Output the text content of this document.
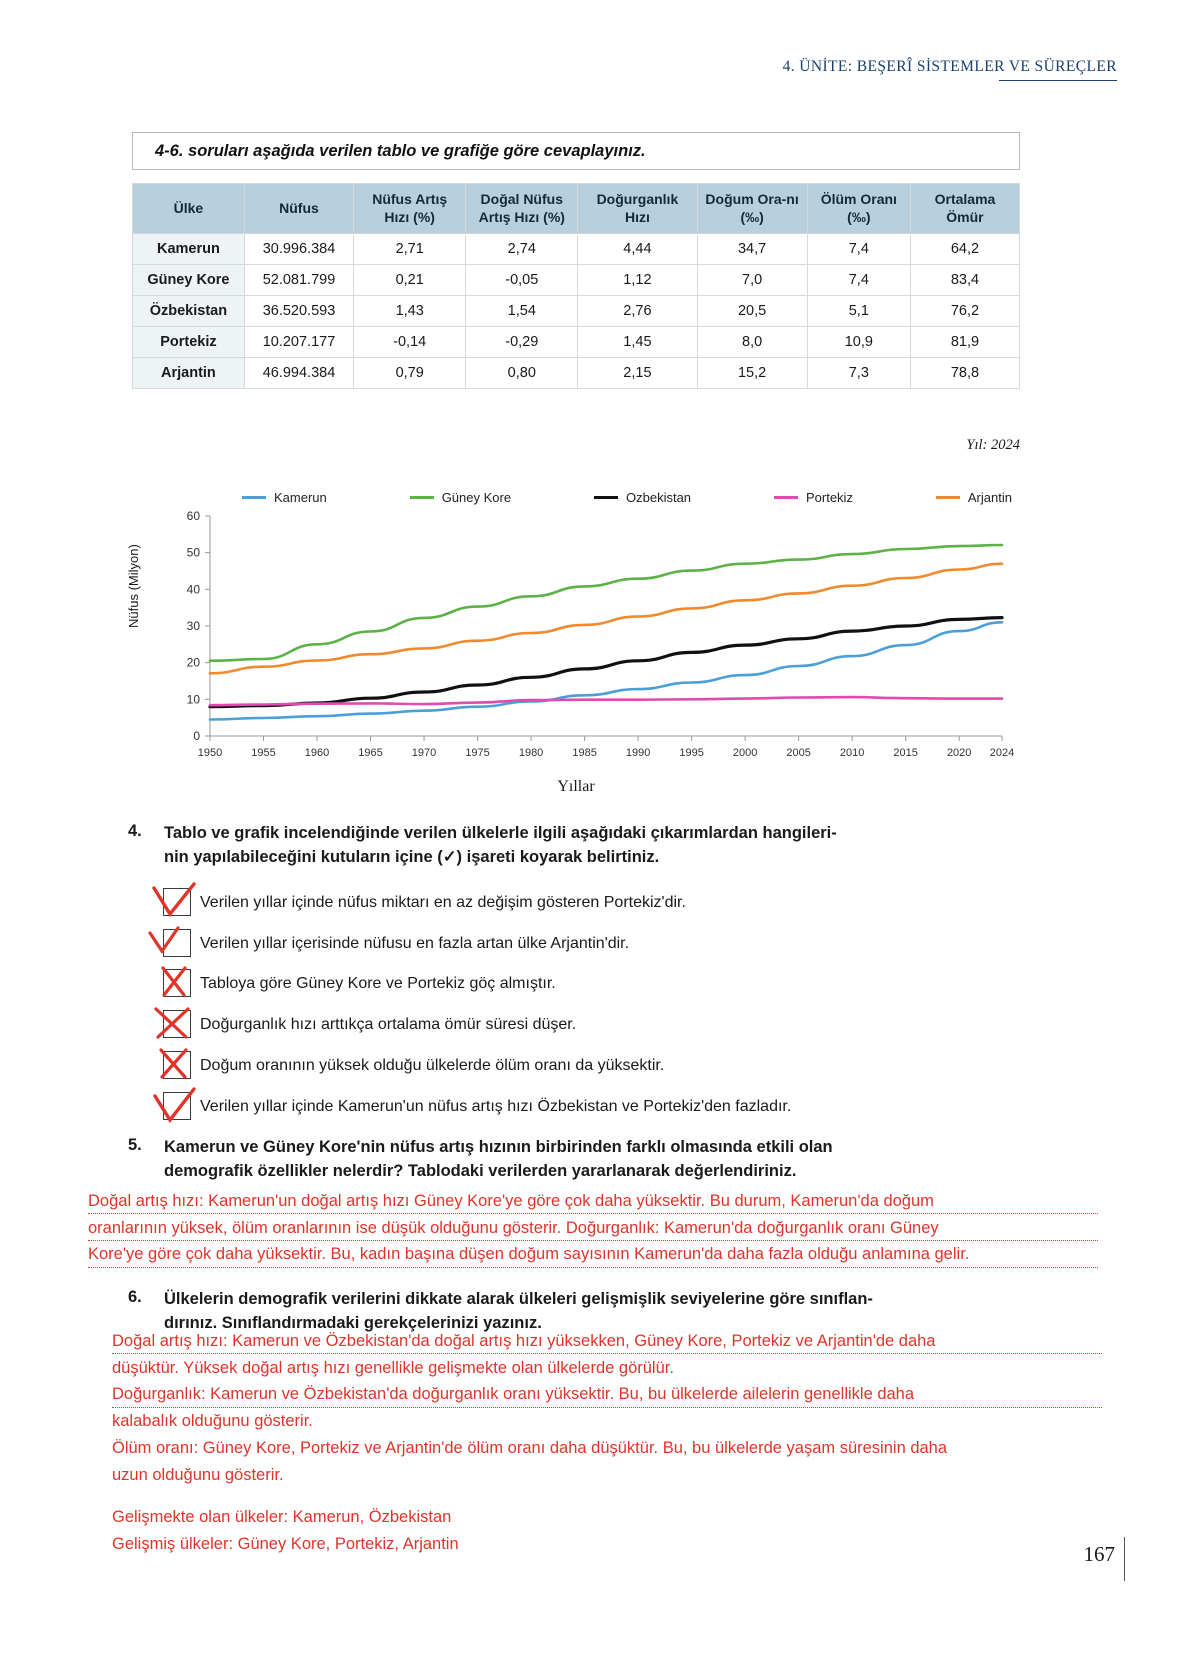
4. ÜNİTE: BEŞERÎ SİSTEMLER VE SÜREÇLER
4-6. soruları aşağıda verilen tablo ve grafiğe göre cevaplayınız.
Ülke	Nüfus	Nüfus Artış Hızı (%)	Doğal Nüfus Artış Hızı (%)	Doğurganlık Hızı	Doğum Ora-nı (‰)	Ölüm Oranı (‰)	Ortalama Ömür
Kamerun	30.996.384	2,71	2,74	4,44	34,7	7,4	64,2
Güney Kore	52.081.799	0,21	-0,05	1,12	7,0	7,4	83,4
Özbekistan	36.520.593	1,43	1,54	2,76	20,5	5,1	76,2
Portekiz	10.207.177	-0,14	-0,29	1,45	8,0	10,9	81,9
Arjantin	46.994.384	0,79	0,80	2,15	15,2	7,3	78,8
Yıl: 2024
Kamerun	Güney Kore	Ozbekistan	Portekiz	Arjantin
Nüfus (Milyon)
Yıllar
0
10
20
30
40
50
60
1950	1955	1960	1965	1970	1975	1980	1985	1990	1995	2000	2005	2010	2015	2020 2024
4. Tablo ve grafik incelendiğinde verilen ülkelerle ilgili aşağıdaki çıkarımlardan hangileri-
nin yapılabileceğini kutuların içine (✓) işareti koyarak belirtiniz.
Verilen yıllar içinde nüfus miktarı en az değişim gösteren Portekiz'dir.
Verilen yıllar içerisinde nüfusu en fazla artan ülke Arjantin'dir.
Tabloya göre Güney Kore ve Portekiz göç almıştır.
Doğurganlık hızı arttıkça ortalama ömür süresi düşer.
Doğum oranının yüksek olduğu ülkelerde ölüm oranı da yüksektir.
Verilen yıllar içinde Kamerun'un nüfus artış hızı Özbekistan ve Portekiz'den fazladır.
5. Kamerun ve Güney Kore'nin nüfus artış hızının birbirinden farklı olmasında etkili olan
demografik özellikler nelerdir? Tablodaki verilerden yararlanarak değerlendiriniz.
Doğal artış hızı: Kamerun'un doğal artış hızı Güney Kore'ye göre çok daha yüksektir. Bu durum, Kamerun'da doğum
oranlarının yüksek, ölüm oranlarının ise düşük olduğunu gösterir. Doğurganlık: Kamerun'da doğurganlık oranı Güney
Kore'ye göre çok daha yüksektir. Bu, kadın başına düşen doğum sayısının Kamerun'da daha fazla olduğu anlamına gelir.
6. Ülkelerin demografik verilerini dikkate alarak ülkeleri gelişmişlik seviyelerine göre sınıflan-
dırınız. Sınıflandırmadaki gerekçelerinizi yazınız.
Doğal artış hızı: Kamerun ve Özbekistan'da doğal artış hızı yüksekken, Güney Kore, Portekiz ve Arjantin'de daha
düşüktür. Yüksek doğal artış hızı genellikle gelişmekte olan ülkelerde görülür.
Doğurganlık: Kamerun ve Özbekistan'da doğurganlık oranı yüksektir. Bu, bu ülkelerde ailelerin genellikle daha
kalabalık olduğunu gösterir.
Ölüm oranı: Güney Kore, Portekiz ve Arjantin'de ölüm oranı daha düşüktür. Bu, bu ülkelerde yaşam süresinin daha
uzun olduğunu gösterir.
Gelişmekte olan ülkeler: Kamerun, Özbekistan
Gelişmiş ülkeler: Güney Kore, Portekiz, Arjantin	167
